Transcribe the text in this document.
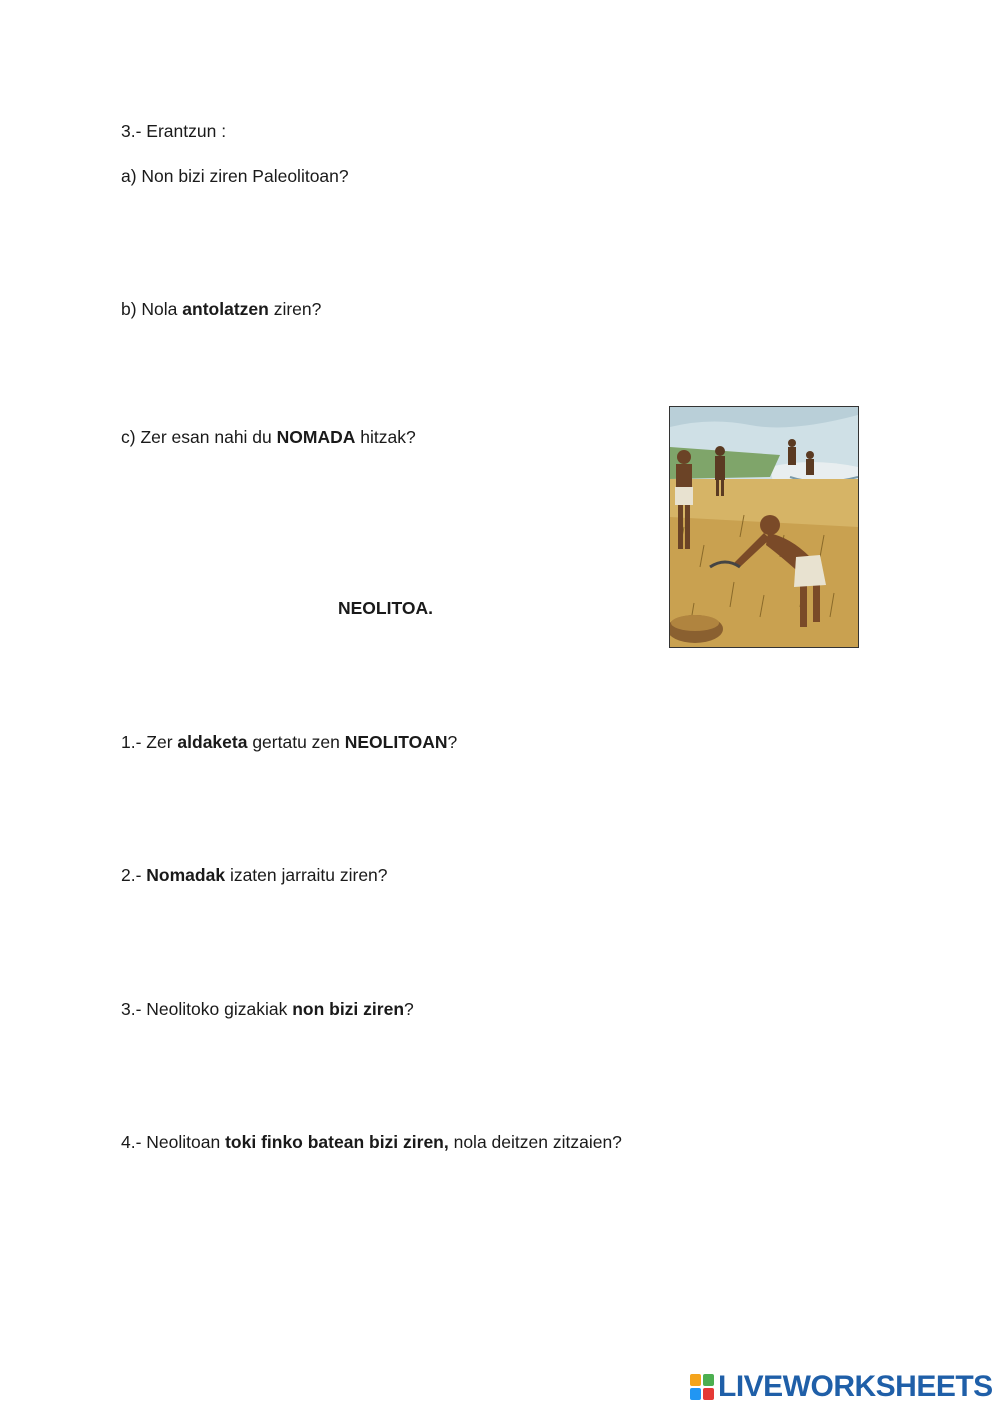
3.- Erantzun :
a) Non bizi ziren Paleolitoan?
b) Nola antolatzen ziren?
c) Zer esan nahi du NOMADA hitzak?
NEOLITOA.
1.- Zer aldaketa gertatu zen NEOLITOAN?
2.- Nomadak izaten jarraitu ziren?
3.- Neolitoko gizakiak non bizi ziren?
4.- Neolitoan toki finko batean bizi ziren, nola deitzen zitzaien?
LIVEWORKSHEETS
